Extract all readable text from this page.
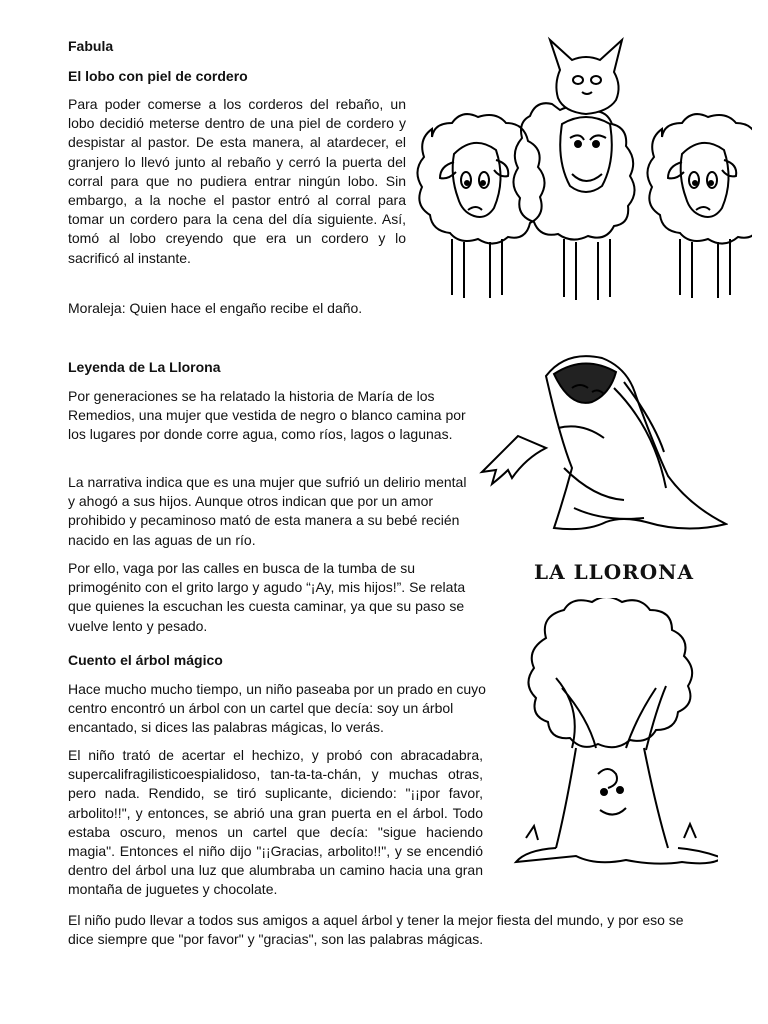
Fabula

El lobo con piel de cordero

Para poder comerse a los corderos del rebaño, un lobo decidió meterse dentro de una piel de cordero y despistar al pastor. De esta manera, al atardecer, el granjero lo llevó junto al rebaño y cerró la puerta del corral para que no pudiera entrar ningún lobo. Sin embargo, a la noche el pastor entró al corral para tomar un cordero para la cena del día siguiente. Así, tomó al lobo creyendo que era un cordero y lo sacrificó al instante.

Moraleja: Quien hace el engaño recibe el daño.

Leyenda de La Llorona

Por generaciones se ha relatado la historia de María de los Remedios, una mujer que vestida de negro o blanco camina por los lugares por donde corre agua, como ríos, lagos o lagunas.

La narrativa indica que es una mujer que sufrió un delirio mental y ahogó a sus hijos. Aunque otros indican que por un amor prohibido y pecaminoso mató de esta manera a su bebé recién nacido en las aguas de un río.

Por ello, vaga por las calles en busca de la tumba de su primogénito con el grito largo y agudo “¡Ay, mis hijos!”. Se relata que quienes la escuchan les cuesta caminar, ya que su paso se vuelve lento y pesado.

LA LLORONA

Cuento el árbol mágico

Hace mucho mucho tiempo, un niño paseaba por un prado en cuyo centro encontró un árbol con un cartel que decía: soy un árbol encantado, si dices las palabras mágicas, lo verás.

El niño trató de acertar el hechizo, y probó con abracadabra, supercalifragilisticoespialidoso, tan-ta-ta-chán, y muchas otras, pero nada. Rendido, se tiró suplicante, diciendo: "¡¡por favor, arbolito!!", y entonces, se abrió una gran puerta en el árbol. Todo estaba oscuro, menos un cartel que decía: "sigue haciendo magia". Entonces el niño dijo "¡¡Gracias, arbolito!!", y se encendió dentro del árbol una luz que alumbraba un camino hacia una gran montaña de juguetes y chocolate.

El niño pudo llevar a todos sus amigos a aquel árbol y tener la mejor fiesta del mundo, y por eso se dice siempre que "por favor" y "gracias", son las palabras mágicas.
